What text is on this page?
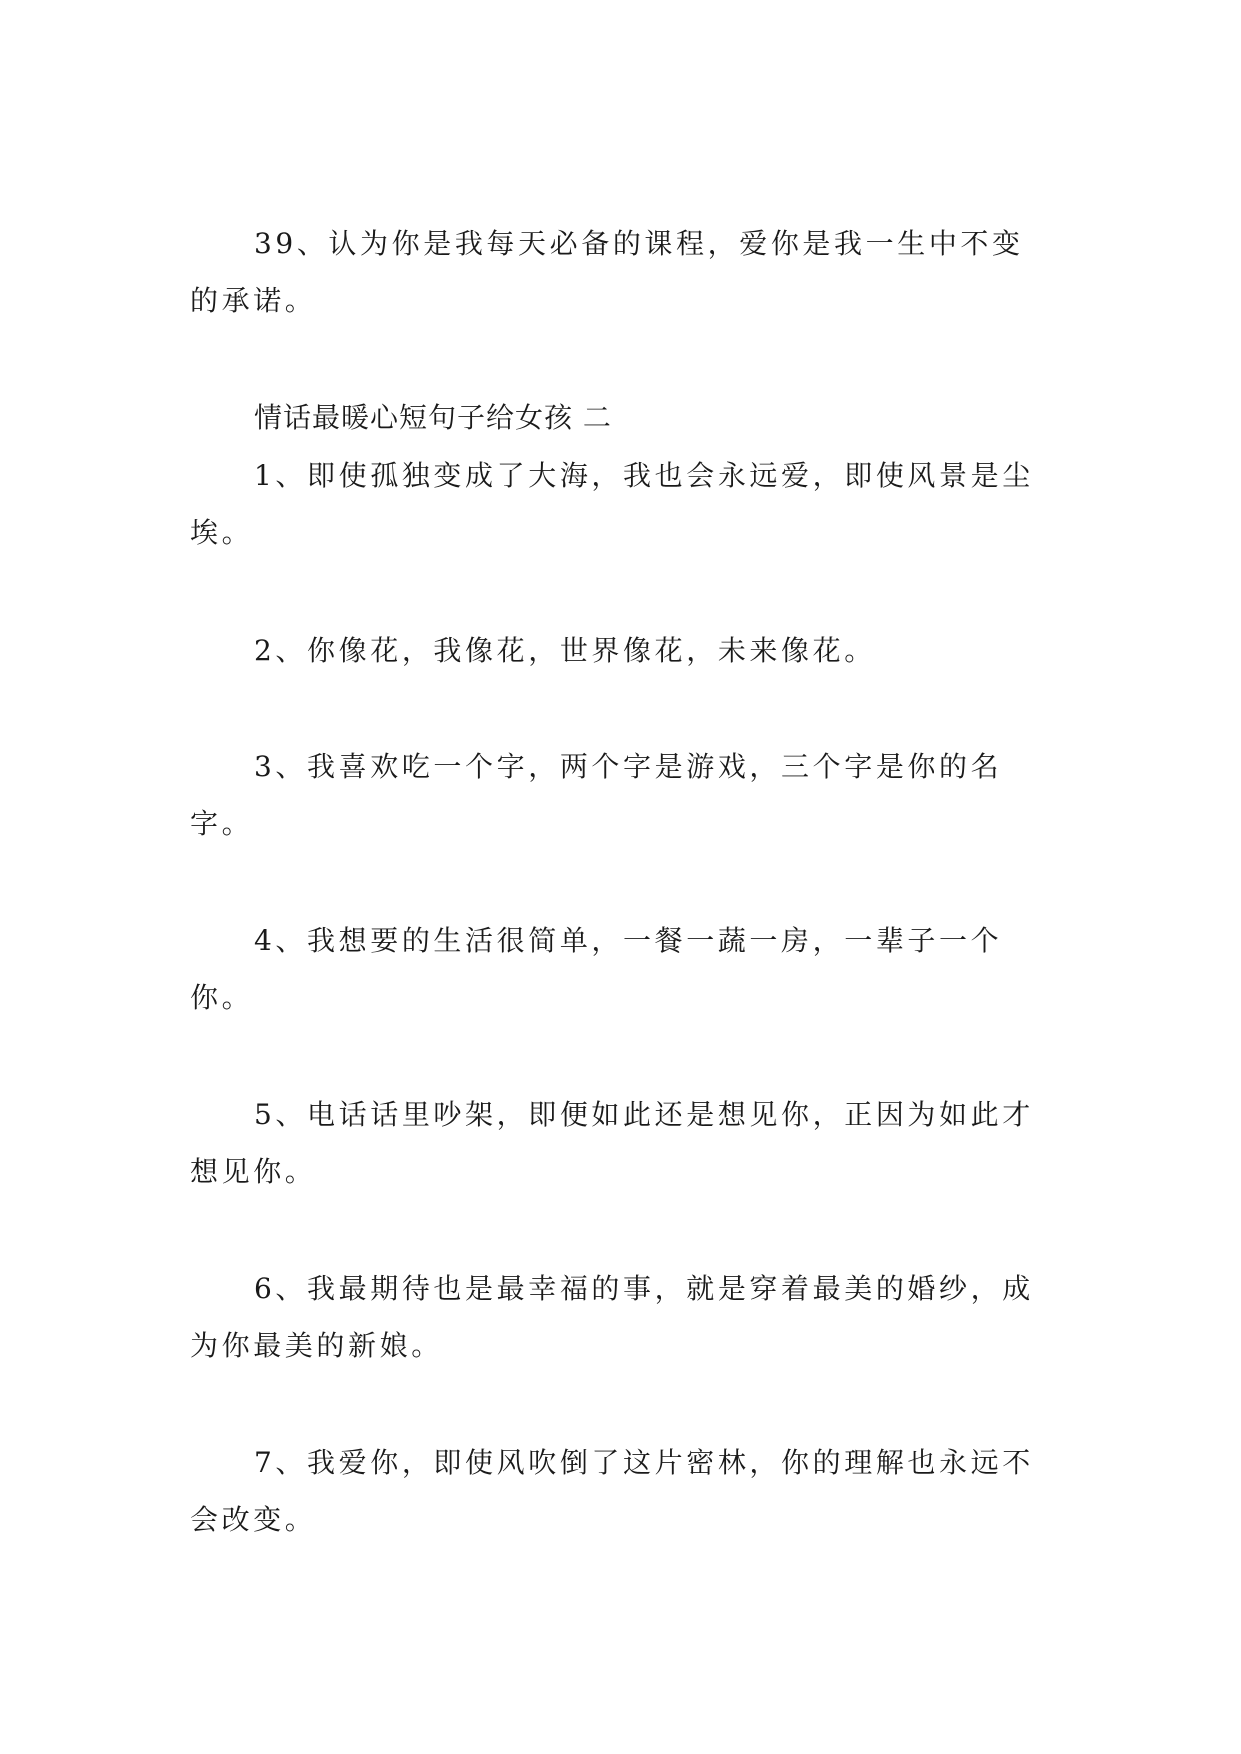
39、认为你是我每天必备的课程，爱你是我一生中不变的承诺。

情话最暖心短句子给女孩 二

1、即使孤独变成了大海，我也会永远爱，即使风景是尘埃。

2、你像花，我像花，世界像花，未来像花。

3、我喜欢吃一个字，两个字是游戏，三个字是你的名字。

4、我想要的生活很简单，一餐一蔬一房，一辈子一个你。

5、电话话里吵架，即便如此还是想见你，正因为如此才想见你。

6、我最期待也是最幸福的事，就是穿着最美的婚纱，成为你最美的新娘。

7、我爱你，即使风吹倒了这片密林，你的理解也永远不会改变。
